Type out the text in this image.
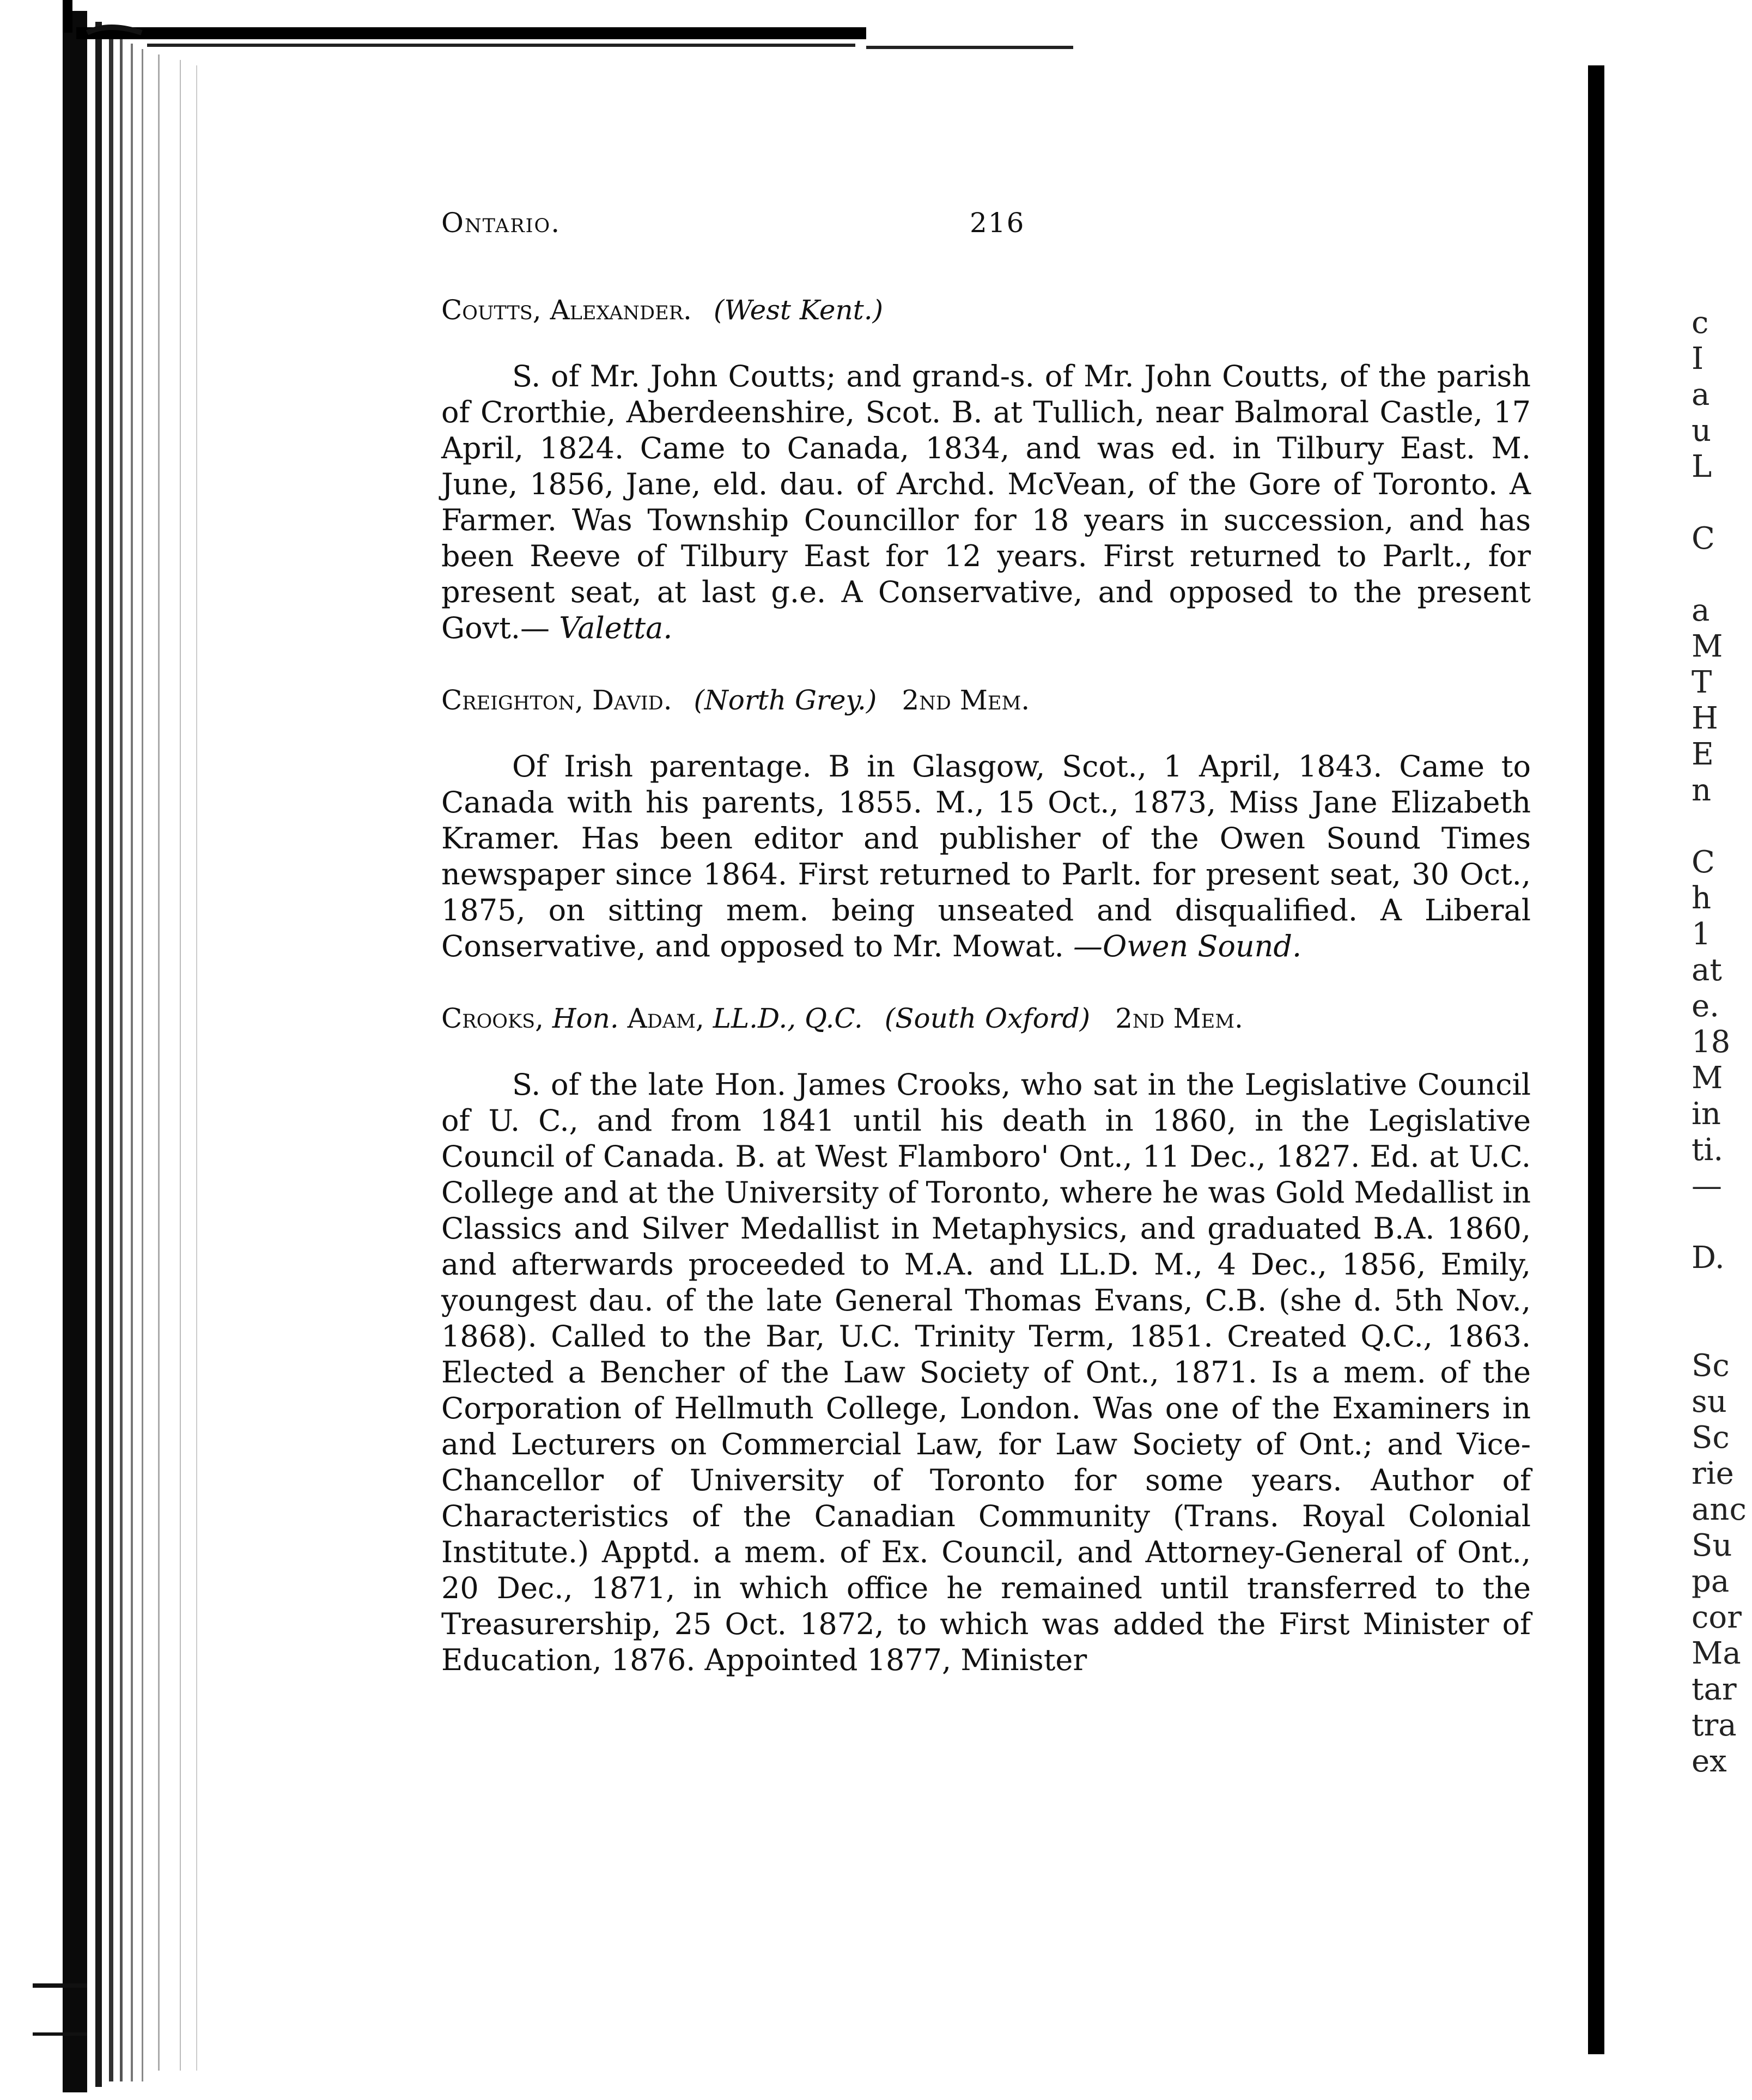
Ontario.	216
Coutts, Alexander. (West Kent.)

S. of Mr. John Coutts; and grand-s. of Mr. John Coutts, of the parish of Crorthie, Aberdeenshire, Scot. B. at Tullich, near Balmoral Castle, 17 April, 1824. Came to Canada, 1834, and was ed. in Tilbury East. M. June, 1856, Jane, eld. dau. of Archd. McVean, of the Gore of Toronto. A Farmer. Was Township Councillor for 18 years in succession, and has been Reeve of Tilbury East for 12 years. First returned to Parlt., for present seat, at last g.e. A Conservative, and opposed to the present Govt.— Valetta.

Creighton, David. (North Grey.) 2nd Mem.

Of Irish parentage. B in Glasgow, Scot., 1 April, 1843. Came to Canada with his parents, 1855. M., 15 Oct., 1873, Miss Jane Elizabeth Kramer. Has been editor and publisher of the Owen Sound Times newspaper since 1864. First returned to Parlt. for present seat, 30 Oct., 1875, on sitting mem. being unseated and disqualified. A Liberal Conservative, and opposed to Mr. Mowat. —Owen Sound.

Crooks, Hon. Adam, LL.D., Q.C. (South Oxford) 2nd Mem.

S. of the late Hon. James Crooks, who sat in the Legislative Council of U. C., and from 1841 until his death in 1860, in the Legislative Council of Canada. B. at West Flamboro' Ont., 11 Dec., 1827. Ed. at U.C. College and at the University of Toronto, where he was Gold Medallist in Classics and Silver Medallist in Metaphysics, and graduated B.A. 1860, and afterwards proceeded to M.A. and LL.D. M., 4 Dec., 1856, Emily, youngest dau. of the late General Thomas Evans, C.B. (she d. 5th Nov., 1868). Called to the Bar, U.C. Trinity Term, 1851. Created Q.C., 1863. Elected a Bencher of the Law Society of Ont., 1871. Is a mem. of the Corporation of Hellmuth College, London. Was one of the Examiners in and Lecturers on Commercial Law, for Law Society of Ont.; and Vice-Chancellor of University of Toronto for some years. Author of Characteristics of the Canadian Community (Trans. Royal Colonial Institute.) Apptd. a mem. of Ex. Council, and Attorney-General of Ont., 20 Dec., 1871, in which office he remained until transferred to the Treasurership, 25 Oct. 1872, to which was added the First Minister of Education, 1876. Appointed 1877, Minister

c
I
a
u
L
C
a
M
T
H
E
n
C
h
1
at
e.
18
M
in
ti.
—
D.
Sc
su
Sc
rie
anc
Su
pa
cor
Ma
tar
tra
ex
